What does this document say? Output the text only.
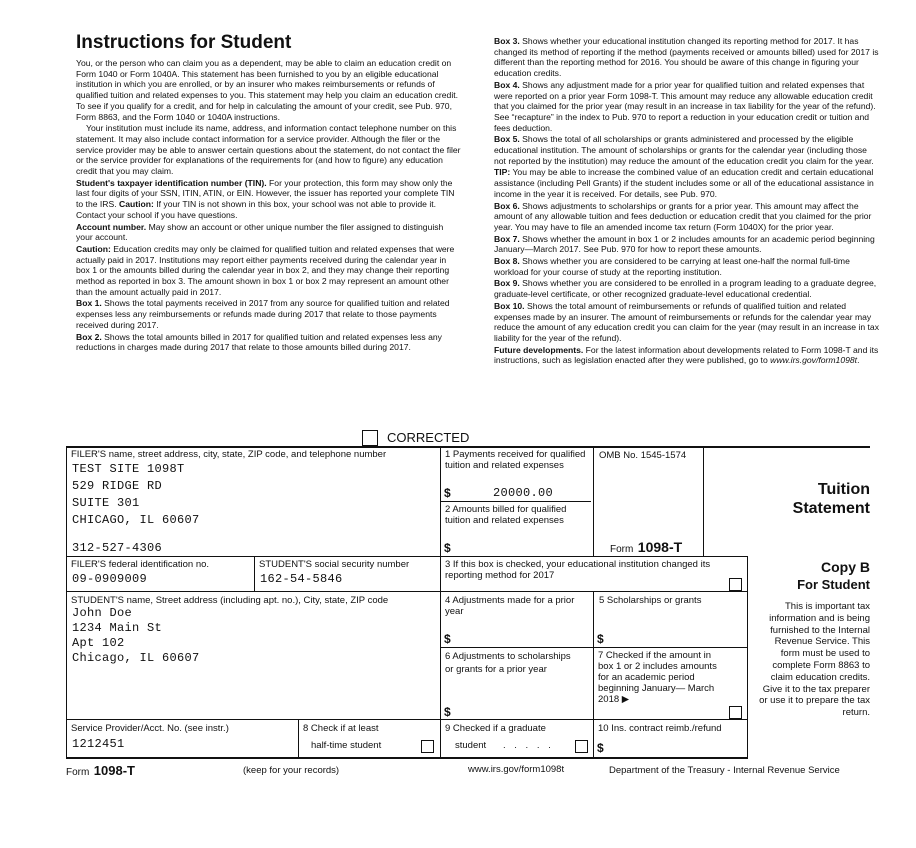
Instructions for Student

You, or the person who can claim you as a dependent, may be able to claim an education credit on Form 1040 or Form 1040A. This statement has been furnished to you by an eligible educational institution in which you are enrolled, or by an insurer who makes reimbursements or refunds of qualified tuition and related expenses to you. This statement may help you claim an education credit. To see if you qualify for a credit, and for help in calculating the amount of your credit, see Pub. 970, Form 8863, and the Form 1040 or 1040A instructions.

Your institution must include its name, address, and information contact telephone number on this statement. It may also include contact information for a service provider. Although the filer or the service provider may be able to answer certain questions about the statement, do not contact the filer or the service provider for explanations of the requirements for (and how to figure) any education credit that you may claim.

Student's taxpayer identification number (TIN). For your protection, this form may show only the last four digits of your SSN, ITIN, ATIN, or EIN. However, the issuer has reported your complete TIN to the IRS. Caution: If your TIN is not shown in this box, your school was not able to provide it. Contact your school if you have questions.

Account number. May show an account or other unique number the filer assigned to distinguish your account.

Caution: Education credits may only be claimed for qualified tuition and related expenses that were actually paid in 2017. Institutions may report either payments received during the calendar year in box 1 or the amounts billed during the calendar year in box 2, and they may change their reporting method as reported in box 3. The amount shown in box 1 or box 2 may represent an amount other than the amount actually paid in 2017.

Box 1. Shows the total payments received in 2017 from any source for qualified tuition and related expenses less any reimbursements or refunds made during 2017 that relate to those payments received during 2017.

Box 2. Shows the total amounts billed in 2017 for qualified tuition and related expenses less any reductions in charges made during 2017 that relate to those amounts billed during 2017.

Box 3. Shows whether your educational institution changed its reporting method for 2017. It has changed its method of reporting if the method (payments received or amounts billed) used for 2017 is different than the reporting method for 2016. You should be aware of this change in figuring your education credits.

Box 4. Shows any adjustment made for a prior year for qualified tuition and related expenses that were reported on a prior year Form 1098-T. This amount may reduce any allowable education credit that you claimed for the prior year (may result in an increase in tax liability for the year of the refund). See “recapture” in the index to Pub. 970 to report a reduction in your education credit or tuition and fees deduction.

Box 5. Shows the total of all scholarships or grants administered and processed by the eligible educational institution. The amount of scholarships or grants for the calendar year (including those not reported by the institution) may reduce the amount of the education credit you claim for the year.

TIP: You may be able to increase the combined value of an education credit and certain educational assistance (including Pell Grants) if the student includes some or all of the educational assistance in income in the year it is received. For details, see Pub. 970.

Box 6. Shows adjustments to scholarships or grants for a prior year. This amount may affect the amount of any allowable tuition and fees deduction or education credit that you claimed for the prior year. You may have to file an amended income tax return (Form 1040X) for the prior year.

Box 7. Shows whether the amount in box 1 or 2 includes amounts for an academic period beginning January—March 2017. See Pub. 970 for how to report these amounts.

Box 8. Shows whether you are considered to be carrying at least one-half the normal full-time workload for your course of study at the reporting institution.

Box 9. Shows whether you are considered to be enrolled in a program leading to a graduate degree, graduate-level certificate, or other recognized graduate-level educational credential.

Box 10. Shows the total amount of reimbursements or refunds of qualified tuition and related expenses made by an insurer. The amount of reimbursements or refunds for the calendar year may reduce the amount of any education credit you can claim for the year (may result in an increase in tax liability for the year of the refund).

Future developments. For the latest information about developments related to Form 1098-T and its instructions, such as legislation enacted after they were published, go to www.irs.gov/form1098t.

CORRECTED
FILER'S name, street address, city, state, ZIP code, and telephone number
TEST SITE 1098T
529 RIDGE RD
SUITE 301
CHICAGO, IL 60607
312-527-4306
1 Payments received for qualified tuition and related expenses
$	20000.00
2 Amounts billed for qualified tuition and related expenses
$
OMB No. 1545-1574
Form 1098-T
Tuition
Statement
FILER'S federal identification no.
09-0909009
STUDENT'S social security number
162-54-5846
3 If this box is checked, your educational institution changed its reporting method for 2017
Copy B
For Student
STUDENT'S name, Street address (including apt. no.), City, state, ZIP code
John Doe
1234 Main St
Apt 102
Chicago, IL 60607
4 Adjustments made for a prior year
$
5 Scholarships or grants
$
6 Adjustments to scholarships or grants for a prior year
$
7 Checked if the amount in box 1 or 2 includes amounts for an academic period beginning January— March 2018 ▶
This is important tax information and is being furnished to the Internal Revenue Service. This form must be used to complete Form 8863 to claim education credits. Give it to the tax preparer or use it to prepare the tax return.
Service Provider/Acct. No. (see instr.)
1212451
8 Check if at least
half-time student
9 Checked if a graduate
student . . . . .
10 Ins. contract reimb./refund
$
Form 1098-T	(keep for your records)	www.irs.gov/form1098t	Department of the Treasury - Internal Revenue Service
